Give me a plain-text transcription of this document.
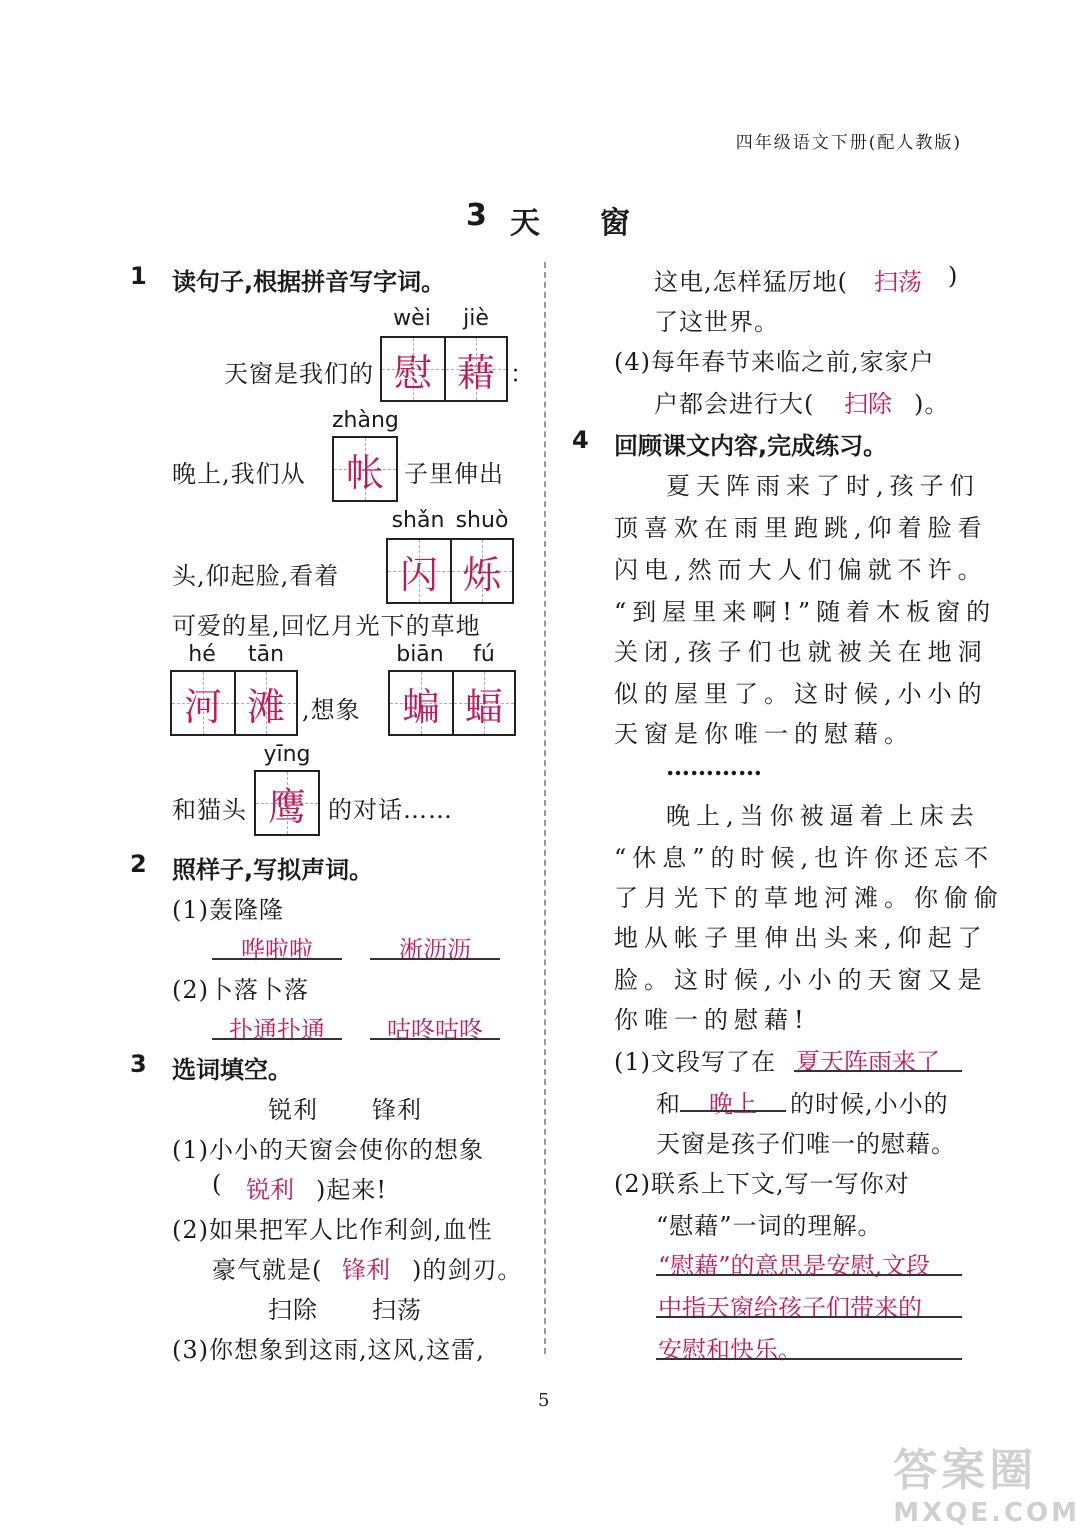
四年级语文下册(配人教版)
3 天　　窗
1 读句子,根据拼音写字词。
wèi	jiè
天窗是我们的 慰 藉 ：
zhàng
晚上,我们从 帐 子里伸出
shǎn shuò
头,仰起脸,看着 闪 烁
可爱的星,回忆月光下的草地
hé	tān
河 滩 ,想象
biān	fú
蝙 蝠
yīng
和猫头 鹰 的对话……
2 照样子,写拟声词。
(1)轰隆隆
哗啦啦	淅沥沥
(2)卜落卜落
扑通扑通	咕咚咕咚
3 选词填空。
锐利 锋利
(1)小小的天窗会使你的想象
( 锐利 )起来!
(2)如果把军人比作利剑,血性
豪气就是( 锋利 )的剑刃。
扫除 扫荡
(3)你想象到这雨,这风,这雷,
这电,怎样猛厉地( 扫荡 )
了这世界。
(4)每年春节来临之前,家家户
户都会进行大( 扫除 )。
4 回顾课文内容,完成练习。
夏天阵雨来了时,孩子们
顶喜欢在雨里跑跳,仰着脸看
闪电,然而大人们偏就不许。
“到屋里来啊!”随着木板窗的
关闭,孩子们也就被关在地洞
似的屋里了。这时候,小小的
天窗是你唯一的慰藉。
…………
晚上,当你被逼着上床去
“休息”的时候,也许你还忘不
了月光下的草地河滩。你偷偷
地从帐子里伸出头来,仰起了
脸。这时候,小小的天窗又是
你唯一的慰藉!
(1)文段写了在 夏天阵雨来了
和	晚上	的时候,小小的
天窗是孩子们唯一的慰藉。
(2)联系上下文,写一写你对
“慰藉”一词的理解。
“慰藉”的意思是安慰,文段
中指天窗给孩子们带来的
安慰和快乐。
5
答案圈
MXQE.COM
